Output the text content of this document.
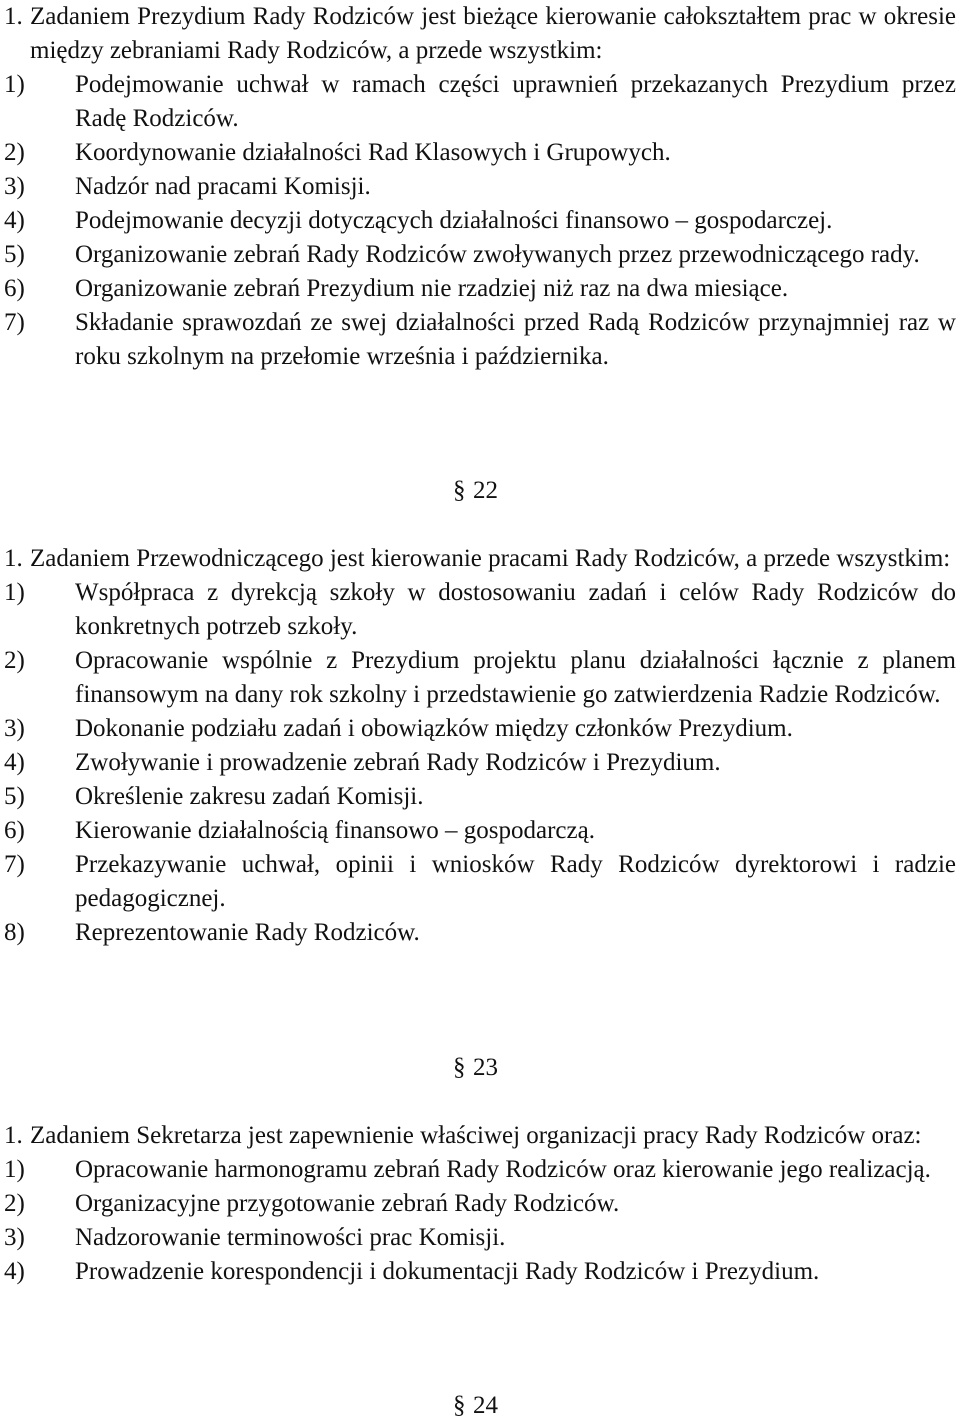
1. Zadaniem Prezydium Rady Rodziców jest bieżące kierowanie całokształtem prac w okresie między zebraniami Rady Rodziców, a przede wszystkim:
1)	Podejmowanie uchwał w ramach części uprawnień przekazanych Prezydium przez Radę Rodziców.
2)	Koordynowanie działalności Rad Klasowych i Grupowych.
3)	Nadzór nad pracami Komisji.
4)	Podejmowanie decyzji dotyczących działalności finansowo – gospodarczej.
5)	Organizowanie zebrań Rady Rodziców zwoływanych przez przewodniczącego rady.
6)	Organizowanie zebrań Prezydium nie rzadziej niż raz na dwa miesiące.
7)	Składanie sprawozdań ze swej działalności przed Radą Rodziców przynajmniej raz w roku szkolnym na przełomie września i października.
§ 22
1. Zadaniem Przewodniczącego jest kierowanie pracami Rady Rodziców, a przede wszystkim:
1)	Współpraca z dyrekcją szkoły w dostosowaniu zadań i celów Rady Rodziców do konkretnych potrzeb szkoły.
2)	Opracowanie wspólnie z Prezydium projektu planu działalności łącznie z planem finansowym na dany rok szkolny i przedstawienie go zatwierdzenia Radzie Rodziców.
3)	Dokonanie podziału zadań i obowiązków między członków Prezydium.
4)	Zwoływanie i prowadzenie zebrań Rady Rodziców i Prezydium.
5)	Określenie zakresu zadań Komisji.
6)	Kierowanie działalnością finansowo – gospodarczą.
7)	Przekazywanie uchwał, opinii i wniosków Rady Rodziców dyrektorowi i radzie pedagogicznej.
8)	Reprezentowanie Rady Rodziców.
§ 23
1. Zadaniem Sekretarza jest zapewnienie właściwej organizacji pracy Rady Rodziców oraz:
1)	Opracowanie harmonogramu zebrań Rady Rodziców oraz kierowanie jego realizacją.
2)	Organizacyjne przygotowanie zebrań Rady Rodziców.
3)	Nadzorowanie terminowości prac Komisji.
4)	Prowadzenie korespondencji i dokumentacji Rady Rodziców i Prezydium.
§ 24
